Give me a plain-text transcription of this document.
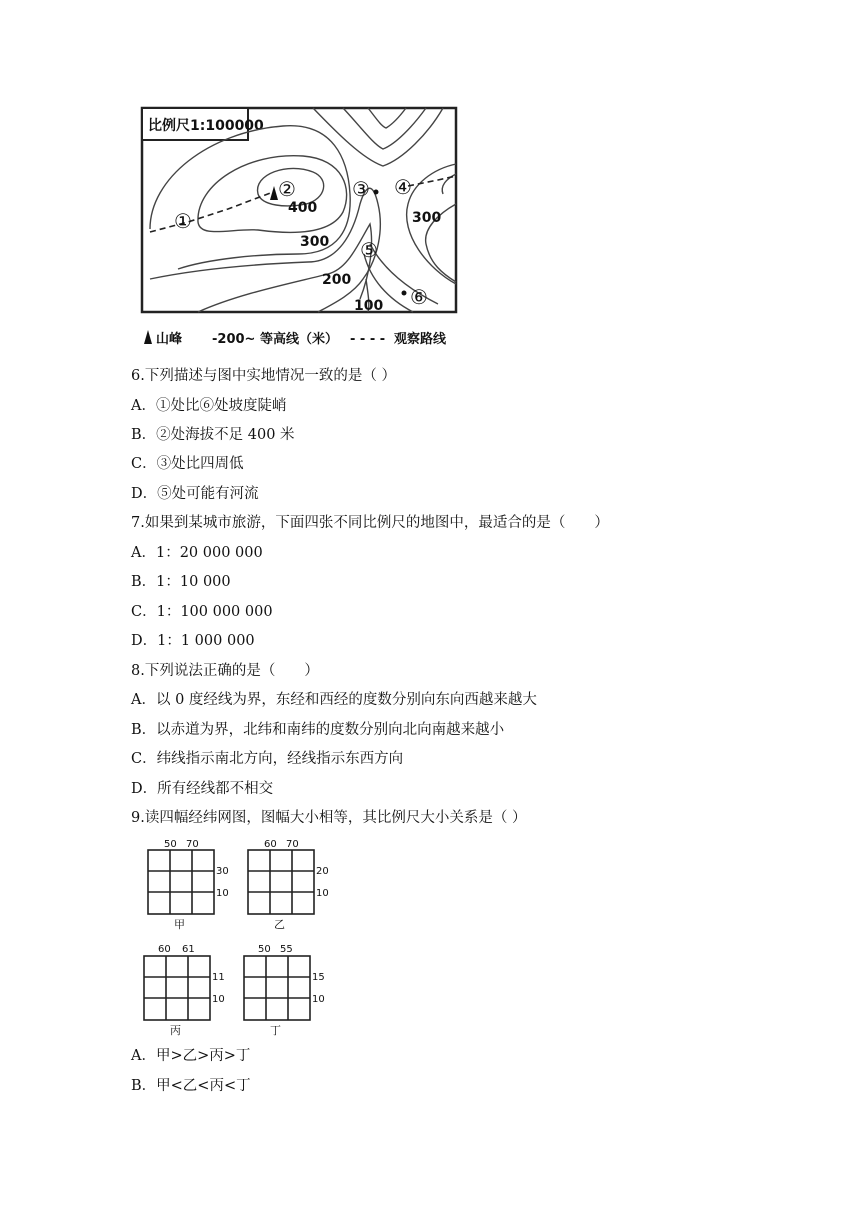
比例尺1:100000
①
②	③ ④
⑤
⑥
400
300
300
200
100
山峰 -200~ 等高线（米） - - - - 观察路线
6.下列描述与图中实地情况一致的是（ ）
A．①处比⑥处坡度陡峭
B．②处海拔不足 400 米
C．③处比四周低
D．⑤处可能有河流
7.如果到某城市旅游，下面四张不同比例尺的地图中，最适合的是（　　）
A．1：20 000 000
B．1：10 000
C．1：100 000 000
D．1：1 000 000
8.下列说法正确的是（　　）
A．以 0 度经线为界，东经和西经的度数分别向东向西越来越大
B．以赤道为界，北纬和南纬的度数分别向北向南越来越小
C．纬线指示南北方向，经线指示东西方向
D．所有经线都不相交
9.读四幅经纬网图，图幅大小相等，其比例尺大小关系是（ ）
50 70
30
10
甲
60 70
20
10
乙
60 61
11
10
丙
50 55
15
10
丁
A．甲>乙>丙>丁
B．甲<乙<丙<丁
